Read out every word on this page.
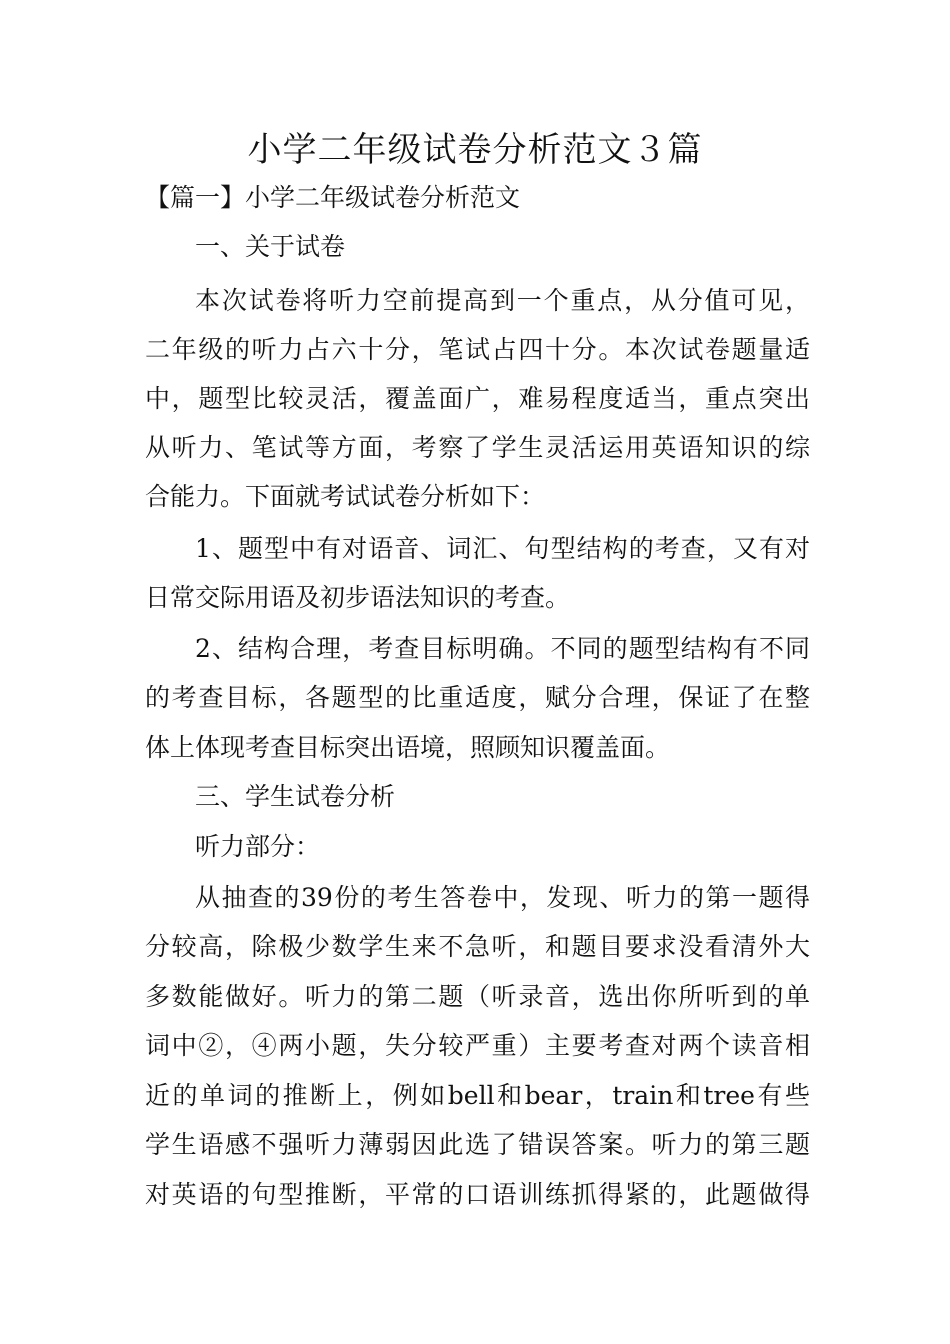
小学二年级试卷分析范文３篇

【篇一】小学二年级试卷分析范文

一、关于试卷

本次试卷将听力空前提高到一个重点，从分值可见，

二年级的听力占六十分，笔试占四十分。本次试卷题量适

中，题型比较灵活，覆盖面广，难易程度适当，重点突出

从听力、笔试等方面，考察了学生灵活运用英语知识的综

合能力。下面就考试试卷分析如下：

1、题型中有对语音、词汇、句型结构的考查，又有对

日常交际用语及初步语法知识的考查。

2、结构合理，考查目标明确。不同的题型结构有不同

的考查目标，各题型的比重适度，赋分合理，保证了在整

体上体现考查目标突出语境，照顾知识覆盖面。

三、学生试卷分析

听力部分：

从抽查的39份的考生答卷中，发现、听力的第一题得

分较高，除极少数学生来不急听，和题目要求没看清外大

多数能做好。听力的第二题（听录音，选出你所听到的单

词中②，④两小题，失分较严重）主要考查对两个读音相

近的单词的推断上，例如bell和bear，train和tree有些

学生语感不强听力薄弱因此选了错误答案。听力的第三题

对英语的句型推断，平常的口语训练抓得紧的，此题做得
